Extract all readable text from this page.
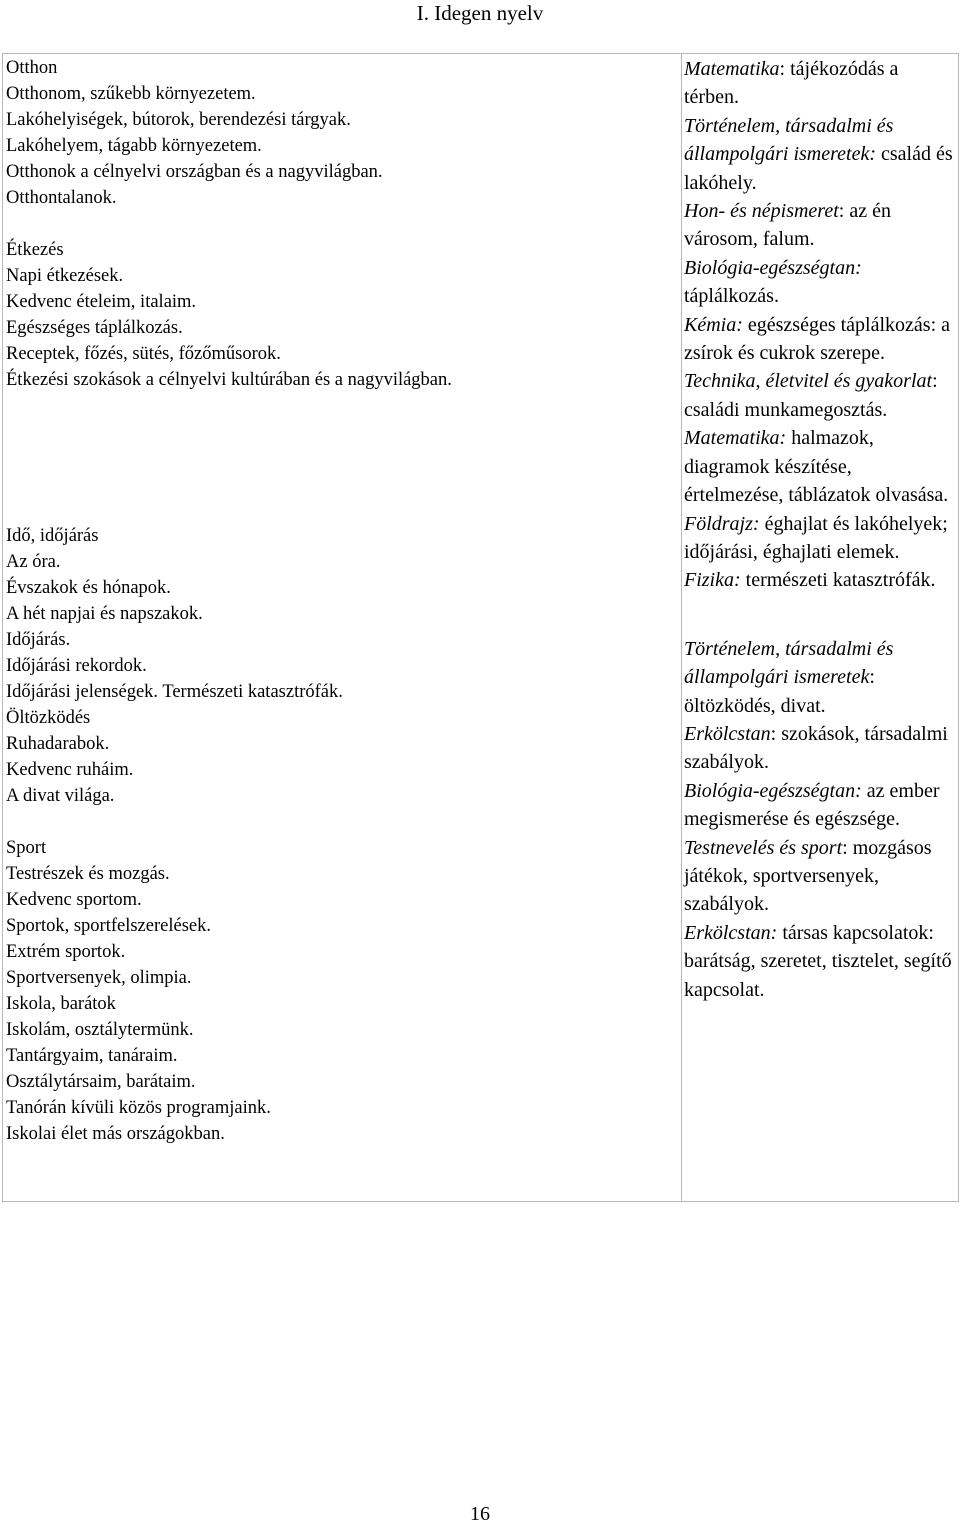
I. Idegen nyelv
Otthon
Otthonom, szűkebb környezetem.
Lakóhelyiségek, bútorok, berendezési tárgyak.
Lakóhelyem, tágabb környezetem.
Otthonok a célnyelvi országban és a nagyvilágban.
Otthontalanok.
Étkezés
Napi étkezések.
Kedvenc ételeim, italaim.
Egészséges táplálkozás.
Receptek, főzés, sütés, főzőműsorok.
Étkezési szokások a célnyelvi kultúrában és a nagyvilágban.
Idő, időjárás
Az óra.
Évszakok és hónapok.
A hét napjai és napszakok.
Időjárás.
Időjárási rekordok.
Időjárási jelenségek. Természeti katasztrófák.
Öltözködés
Ruhadarabok.
Kedvenc ruháim.
A divat világa.
Sport
Testrészek és mozgás.
Kedvenc sportom.
Sportok, sportfelszerelések.
Extrém sportok.
Sportversenyek, olimpia.
Iskola, barátok
Iskolám, osztálytermünk.
Tantárgyaim, tanáraim.
Osztálytársaim, barátaim.
Tanórán kívüli közös programjaink.
Iskolai élet más országokban.

Matematika: tájékozódás a térben.
Történelem, társadalmi és állampolgári ismeretek: család és lakóhely.
Hon- és népismeret: az én városom, falum.
Biológia-egészségtan: táplálkozás.
Kémia: egészséges táplálkozás: a zsírok és cukrok szerepe.
Technika, életvitel és gyakorlat: családi munkamegosztás.
Matematika: halmazok, diagramok készítése, értelmezése, táblázatok olvasása.
Földrajz: éghajlat és lakóhelyek; időjárási, éghajlati elemek.
Fizika: természeti katasztrófák.
Történelem, társadalmi és állampolgári ismeretek: öltözködés, divat.
Erkölcstan: szokások, társadalmi szabályok.
Biológia-egészségtan: az ember megismerése és egészsége.
Testnevelés és sport: mozgásos játékok, sportversenyek, szabályok.
Erkölcstan: társas kapcsolatok: barátság, szeretet, tisztelet, segítő kapcsolat.
16
